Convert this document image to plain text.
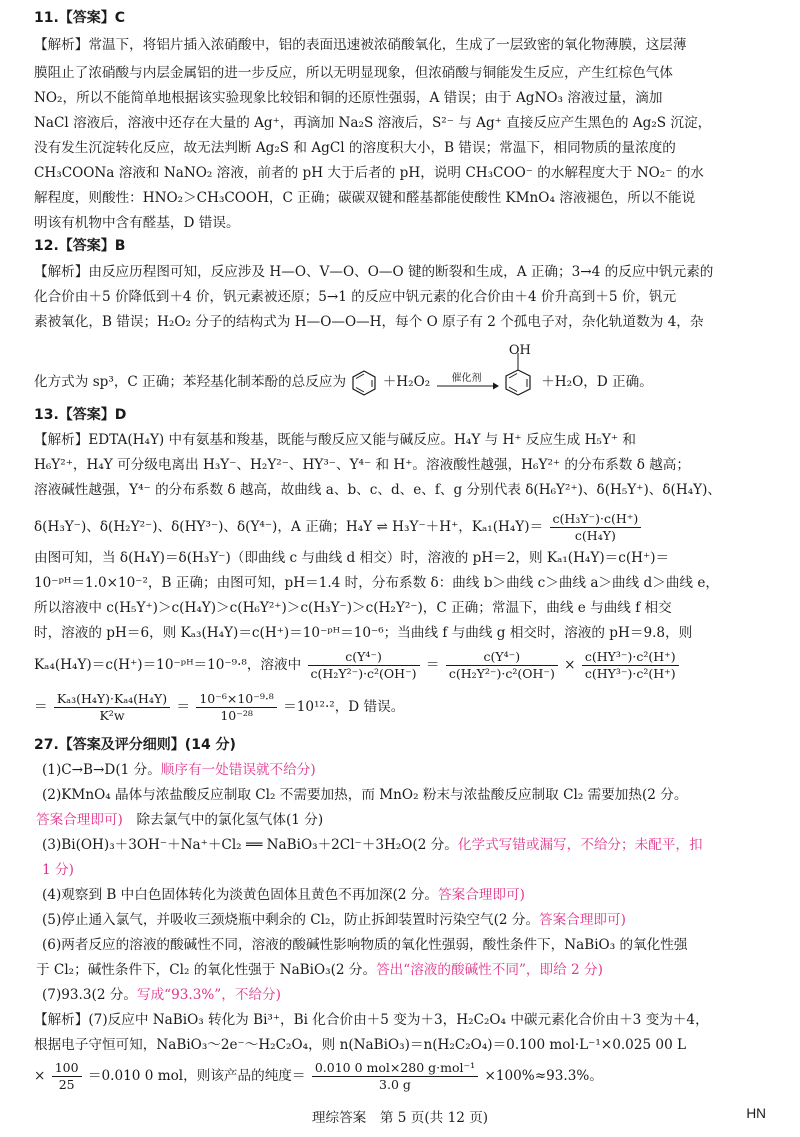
11.【答案】C
【解析】常温下，将铝片插入浓硝酸中，铝的表面迅速被浓硝酸氧化，生成了一层致密的氧化物薄膜，这层薄
膜阻止了浓硝酸与内层金属铝的进一步反应，所以无明显现象，但浓硝酸与铜能发生反应，产生红棕色气体
NO₂，所以不能简单地根据该实验现象比较铝和铜的还原性强弱，A 错误；由于 AgNO₃ 溶液过量，滴加
NaCl 溶液后，溶液中还存在大量的 Ag⁺，再滴加 Na₂S 溶液后，S²⁻ 与 Ag⁺ 直接反应产生黑色的 Ag₂S 沉淀，
没有发生沉淀转化反应，故无法判断 Ag₂S 和 AgCl 的溶度积大小，B 错误；常温下，相同物质的量浓度的
CH₃COONa 溶液和 NaNO₂ 溶液，前者的 pH 大于后者的 pH，说明 CH₃COO⁻ 的水解程度大于 NO₂⁻ 的水
解程度，则酸性：HNO₂＞CH₃COOH，C 正确；碳碳双键和醛基都能使酸性 KMnO₄ 溶液褪色，所以不能说
明该有机物中含有醛基，D 错误。
12.【答案】B
【解析】由反应历程图可知，反应涉及 H—O、V—O、O—O 键的断裂和生成，A 正确；3→4 的反应中钒元素的
化合价由＋5 价降低到＋4 价，钒元素被还原；5→1 的反应中钒元素的化合价由＋4 价升高到＋5 价，钒元
素被氧化，B 错误；H₂O₂ 分子的结构式为 H—O—O—H，每个 O 原子有 2 个孤电子对，杂化轨道数为 4，杂
化方式为 sp³，C 正确；苯羟基化制苯酚的总反应为	＋H₂O₂	催化剂

OH
＋H₂O，D 正确。
13.【答案】D
【解析】EDTA(H₄Y) 中有氨基和羧基，既能与酸反应又能与碱反应。H₄Y 与 H⁺ 反应生成 H₅Y⁺ 和
H₆Y²⁺，H₄Y 可分级电离出 H₃Y⁻、H₂Y²⁻、HY³⁻、Y⁴⁻ 和 H⁺。溶液酸性越强，H₆Y²⁺ 的分布系数 δ 越高；
溶液碱性越强，Y⁴⁻ 的分布系数 δ 越高，故曲线 a、b、c、d、e、f、g 分别代表 δ(H₆Y²⁺)、δ(H₅Y⁺)、δ(H₄Y)、
δ(H₃Y⁻)、δ(H₂Y²⁻)、δ(HY³⁻)、δ(Y⁴⁻)，A 正确；H₄Y ⇌ H₃Y⁻＋H⁺，$K_{a1}(H_4Y)= \frac{\text{c(H₃Y⁻)·c(H⁺)}}{\text{c(H₄Y)}}$
由图可知，当 δ(H₄Y)＝δ(H₃Y⁻)（即曲线 c 与曲线 d 相交）时，溶液的 pH＝2，则 Kₐ₁(H₄Y)＝c(H⁺)＝
10⁻ᵖᴴ＝1.0×10⁻²，B 正确；由图可知，pH＝1.4 时，分布系数 δ：曲线 b＞曲线 c＞曲线 a＞曲线 d＞曲线 e，
所以溶液中 c(H₅Y⁺)＞c(H₄Y)＞c(H₆Y²⁺)＞c(H₃Y⁻)＞c(H₂Y²⁻)，C 正确；常温下，曲线 e 与曲线 f 相交
时，溶液的 pH＝6，则 Kₐ₃(H₄Y)＝c(H⁺)＝10⁻ᵖᴴ＝10⁻⁶；当曲线 f 与曲线 g 相交时，溶液的 pH＝9.8，则
Kₐ₄(H₄Y)＝c(H⁺)＝10⁻ᵖᴴ＝10⁻⁹·⁸，溶液中 $\frac{\text{c(Y⁴⁻)}}{\text{c(H₂Y²⁻)·c²(OH⁻)}} = \frac{\text{c(Y⁴⁻)}}{\text{c(H₂Y²⁻)·c²(OH⁻)}} \times \frac{\text{c(HY³⁻)·c²(H⁺)}}{\text{c(HY³⁻)·c²(H⁺)}}$
＝ $\frac{\text{Kₐ₃(H₄Y)·Kₐ₄(H₄Y)}}{\text{K²w}} = \frac{\text{10⁻⁶×10⁻⁹·⁸}}{\text{10⁻²⁸}} =10^{12}\cdot^2$，D 错误。
27.【答案及评分细则】(14 分)
(1)C→B→D(1 分。顺序有一处错误就不给分)
(2)KMnO₄ 晶体与浓盐酸反应制取 Cl₂ 不需要加热，而 MnO₂ 粉末与浓盐酸反应制取 Cl₂ 需要加热(2 分。
答案合理即可)　除去氯气中的氯化氢气体(1 分)
(3)Bi(OH)₃＋3OH⁻＋Na⁺＋Cl₂ ══ NaBiO₃＋2Cl⁻＋3H₂O(2 分。化学式写错或漏写，不给分；未配平，扣
1 分)
(4)观察到 B 中白色固体转化为淡黄色固体且黄色不再加深(2 分。答案合理即可)
(5)停止通入氯气，并吸收三颈烧瓶中剩余的 Cl₂，防止拆卸装置时污染空气(2 分。答案合理即可)
(6)两者反应的溶液的酸碱性不同，溶液的酸碱性影响物质的氧化性强弱，酸性条件下，NaBiO₃ 的氧化性强
于 Cl₂；碱性条件下，Cl₂ 的氧化性强于 NaBiO₃(2 分。答出“溶液的酸碱性不同”，即给 2 分)
(7)93.3(2 分。写成“93.3%”，不给分)
【解析】(7)反应中 NaBiO₃ 转化为 Bi³⁺，Bi 化合价由＋5 变为＋3，H₂C₂O₄ 中碳元素化合价由＋3 变为＋4，
根据电子守恒可知，NaBiO₃～2e⁻～H₂C₂O₄，则 n(NaBiO₃)＝n(H₂C₂O₄)＝0.100 mol·L⁻¹×0.025 00 L
× $\frac{100}{25} =0.010$ 0 mol，则该产品的纯度＝ $\frac{\text{0.010 0 mol×280 g·mol⁻¹}}{3.0 g} \times 100\%\approx 93.3\%$。
理综答案　第 5 页(共 12 页)	HN
